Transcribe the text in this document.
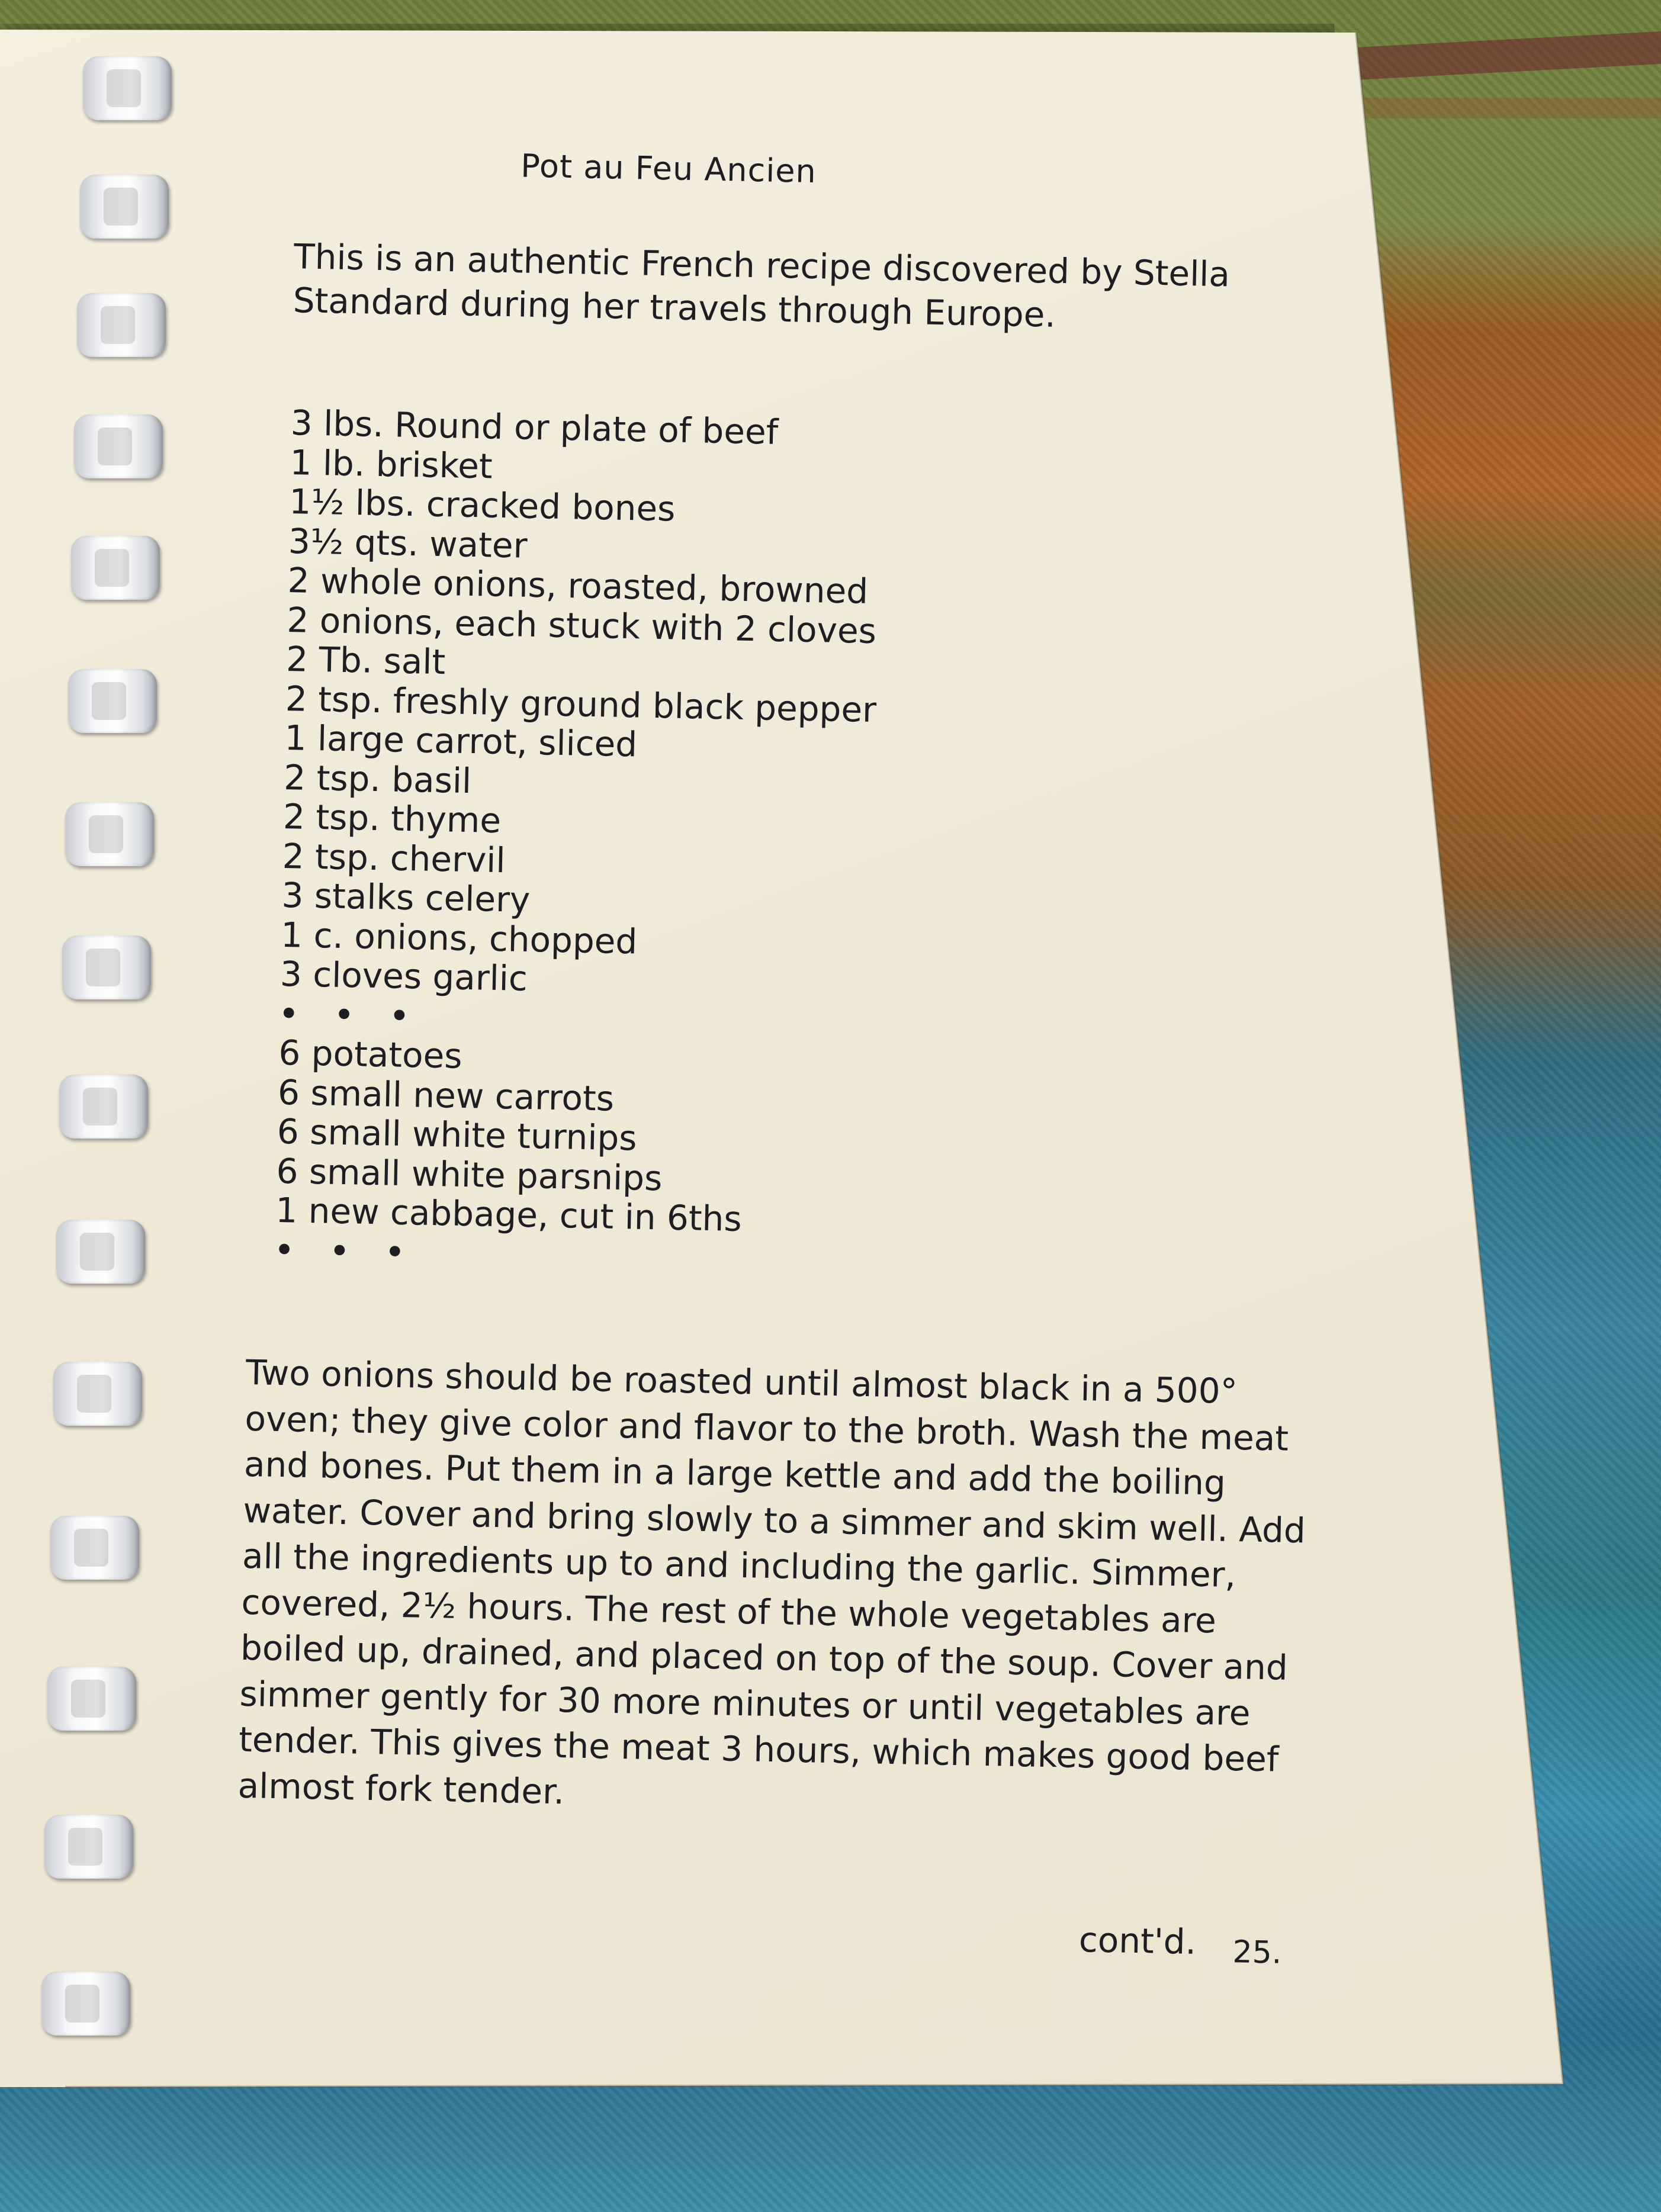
Pot au Feu Ancien
This is an authentic French recipe discovered by Stella Standard during her travels through Europe.
3 lbs. Round or plate of beef
1 lb. brisket
1½ lbs. cracked bones
3½ qts. water
2 whole onions, roasted, browned
2 onions, each stuck with 2 cloves
2 Tb. salt
2 tsp. freshly ground black pepper
1 large carrot, sliced
2 tsp. basil
2 tsp. thyme
2 tsp. chervil
3 stalks celery
1 c. onions, chopped
3 cloves garlic
• • •
6 potatoes
6 small new carrots
6 small white turnips
6 small white parsnips
1 new cabbage, cut in 6ths
• • •
Two onions should be roasted until almost black in a 500° oven; they give color and flavor to the broth. Wash the meat and bones. Put them in a large kettle and add the boiling water. Cover and bring slowly to a simmer and skim well. Add all the ingredients up to and including the garlic. Simmer, covered, 2½ hours. The rest of the whole vegetables are boiled up, drained, and placed on top of the soup. Cover and simmer gently for 30 more minutes or until vegetables are tender. This gives the meat 3 hours, which makes good beef almost fork tender.
cont'd. 25.
